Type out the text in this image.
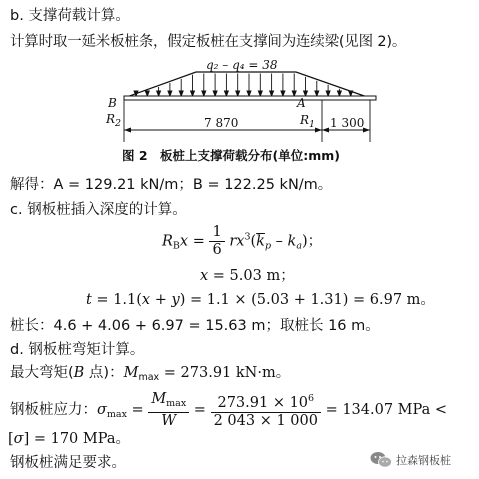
b. 支撑荷载计算。
计算时取一延米板桩条，假定板桩在支撑间为连续梁(见图 2)。
q₂ – q₄ = 38
B
$R_2$
A
$R_1$
7 870	1 300
图 2　板桩上支撑荷载分布(单位:mm)
解得：A = 129.21 kN/m；B = 122.25 kN/m。
c. 钢板桩插入深度的计算。
$R_Bx = \frac{1}{6} rx^3(\overline{k}_p - k_a)$；
x = 5.03 m；
t = 1.1(x + y) = 1.1 × (5.03 + 1.31) = 6.97 m。
桩长：4.6 + 4.06 + 6.97 = 15.63 m；取桩长 16 m。
d. 钢板桩弯矩计算。
最大弯矩(B 点)：$M_{max} = 273.91$ kN·m。
钢板桩应力：$\sigma_{max} = \frac{M_{max}}{W} = \frac{273.91 \times 10^6}{2 043 \times 1 000} = 134.07$ MPa <
[σ] = 170 MPa。
钢板桩满足要求。	拉森钢板桩
